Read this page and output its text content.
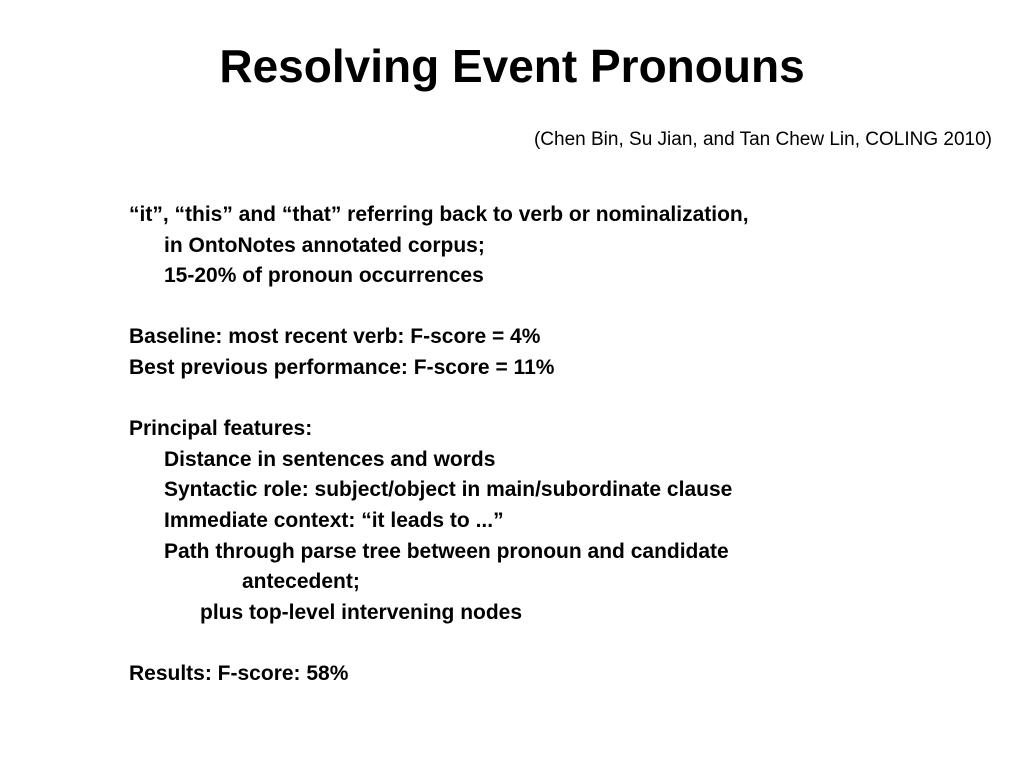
Resolving Event Pronouns
(Chen Bin, Su Jian, and Tan Chew Lin, COLING 2010)
“it”, “this” and “that” referring back to verb or nominalization,
in OntoNotes annotated corpus;
15-20% of pronoun occurrences
Baseline: most recent verb: F-score = 4%
Best previous performance: F-score = 11%
Principal features:
Distance in sentences and words
Syntactic role: subject/object in main/subordinate clause
Immediate context: “it leads to ...”
Path through parse tree between pronoun and candidate
antecedent;
plus top-level intervening nodes
Results: F-score: 58%
